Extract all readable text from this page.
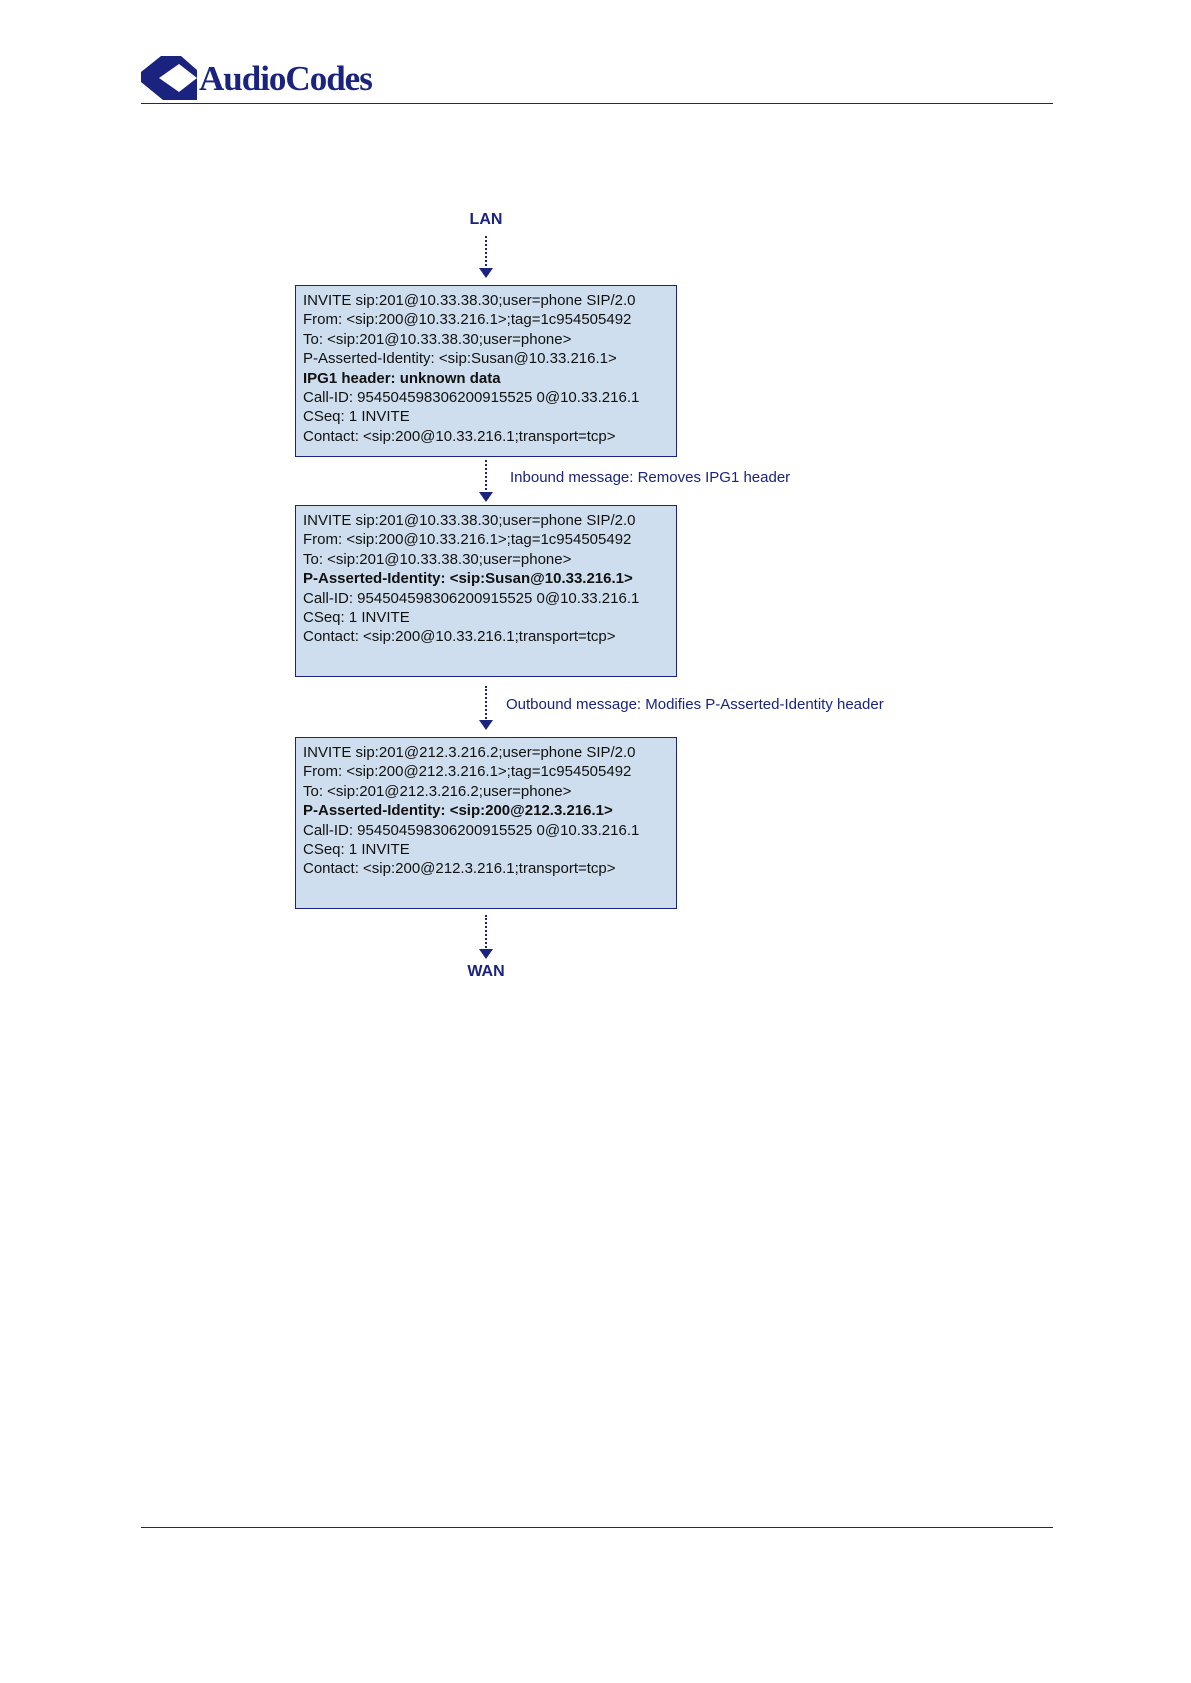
AudioCodes
LAN
INVITE sip:201@10.33.38.30;user=phone SIP/2.0
From: <sip:200@10.33.216.1>;tag=1c954505492
To: <sip:201@10.33.38.30;user=phone>
P-Asserted-Identity: <sip:Susan@10.33.216.1>
IPG1 header: unknown data
Call-ID: 954504598306200915525 0@10.33.216.1
CSeq: 1 INVITE
Contact: <sip:200@10.33.216.1;transport=tcp>
Inbound message: Removes IPG1 header
INVITE sip:201@10.33.38.30;user=phone SIP/2.0
From: <sip:200@10.33.216.1>;tag=1c954505492
To: <sip:201@10.33.38.30;user=phone>
P-Asserted-Identity: <sip:Susan@10.33.216.1>
Call-ID: 954504598306200915525 0@10.33.216.1
CSeq: 1 INVITE
Contact: <sip:200@10.33.216.1;transport=tcp>
Outbound message: Modifies P-Asserted-Identity header
INVITE sip:201@212.3.216.2;user=phone SIP/2.0
From: <sip:200@212.3.216.1>;tag=1c954505492
To: <sip:201@212.3.216.2;user=phone>
P-Asserted-Identity: <sip:200@212.3.216.1>
Call-ID: 954504598306200915525 0@10.33.216.1
CSeq: 1 INVITE
Contact: <sip:200@212.3.216.1;transport=tcp>
WAN
